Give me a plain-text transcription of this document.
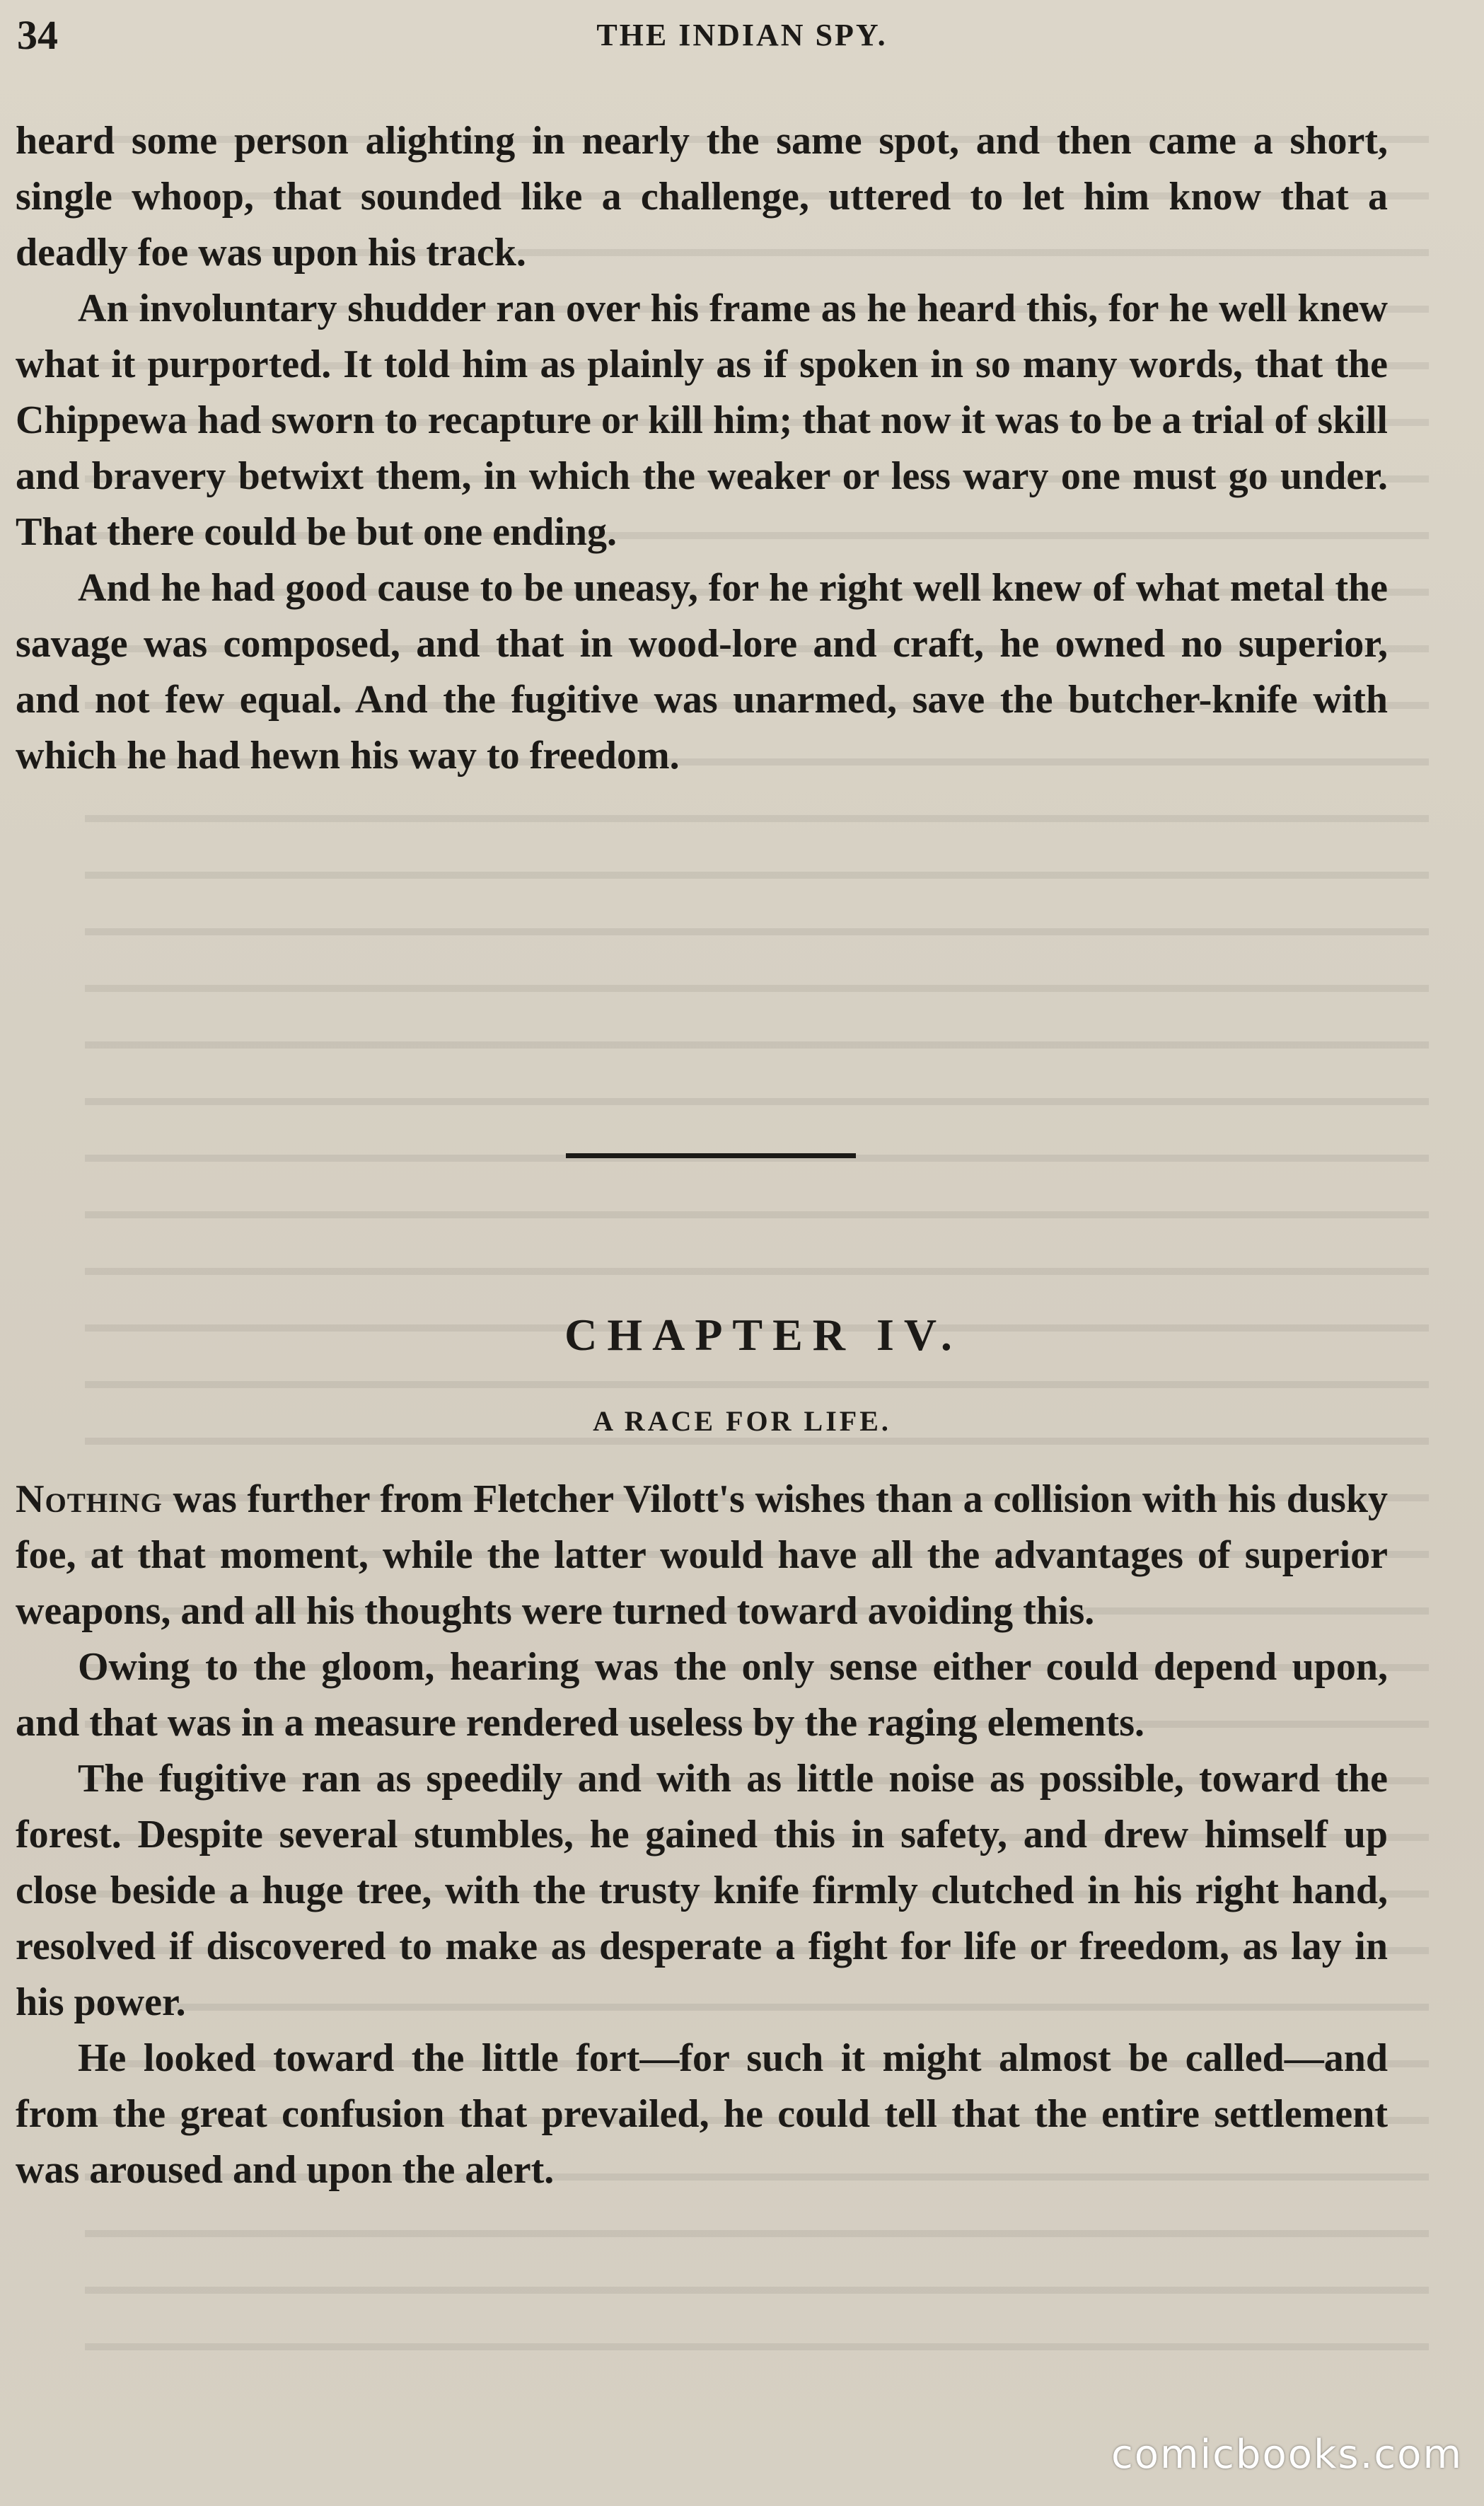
34	THE INDIAN SPY.

heard some person alighting in nearly the same spot, and then came a short, single whoop, that sounded like a challenge, uttered to let him know that a deadly foe was upon his track.

An involuntary shudder ran over his frame as he heard this, for he well knew what it purported. It told him as plainly as if spoken in so many words, that the Chippewa had sworn to recapture or kill him; that now it was to be a trial of skill and bravery betwixt them, in which the weaker or less wary one must go under. That there could be but one ending.

And he had good cause to be uneasy, for he right well knew of what metal the savage was composed, and that in wood-lore and craft, he owned no superior, and not few equal. And the fugitive was unarmed, save the butcher-knife with which he had hewn his way to freedom.

CHAPTER IV.
A RACE FOR LIFE.

Nothing was further from Fletcher Vilott's wishes than a collision with his dusky foe, at that moment, while the latter would have all the advantages of superior weapons, and all his thoughts were turned toward avoiding this.

Owing to the gloom, hearing was the only sense either could depend upon, and that was in a measure rendered useless by the raging elements.

The fugitive ran as speedily and with as little noise as possible, toward the forest. Despite several stumbles, he gained this in safety, and drew himself up close beside a huge tree, with the trusty knife firmly clutched in his right hand, resolved if discovered to make as desperate a fight for life or freedom, as lay in his power.

He looked toward the little fort—for such it might almost be called—and from the great confusion that prevailed, he could tell that the entire settlement was aroused and upon the alert.

comicbooks.com
